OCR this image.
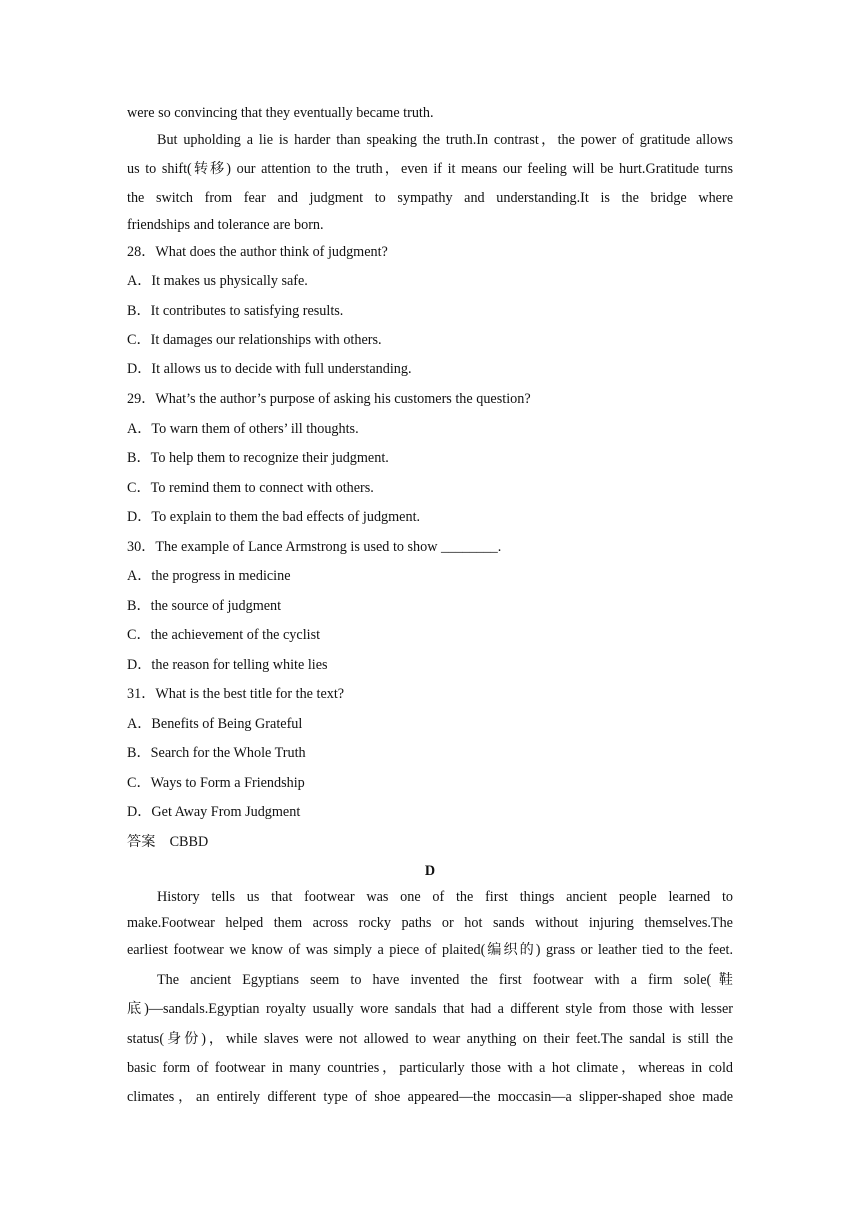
were so convincing that they eventually became truth.
But upholding a lie is harder than speaking the truth.In contrast，the power of gratitude allows
us to shift(转移) our attention to the truth，even if it means our feeling will be hurt.Gratitude turns
the switch from fear and judgment to sympathy and understanding.It is the bridge where
friendships and tolerance are born.
28．What does the author think of judgment?
A．It makes us physically safe.
B．It contributes to satisfying results.
C．It damages our relationships with others.
D．It allows us to decide with full understanding.
29．What’s the author’s purpose of asking his customers the question?
A．To warn them of others’ ill thoughts.
B．To help them to recognize their judgment.
C．To remind them to connect with others.
D．To explain to them the bad effects of judgment.
30．The example of Lance Armstrong is used to show ________.
A．the progress in medicine
B．the source of judgment
C．the achievement of the cyclist
D．the reason for telling white lies
31．What is the best title for the text?
A．Benefits of Being Grateful
B．Search for the Whole Truth
C．Ways to Form a Friendship
D．Get Away From Judgment
答案　CBBD
D
History tells us that footwear was one of the first things ancient people learned to
make.Footwear helped them across rocky paths or hot sands without injuring themselves.The
earliest footwear we know of was simply a piece of plaited(编织的) grass or leather tied to the feet.
The ancient Egyptians seem to have invented the first footwear with a firm sole(鞋
底)—sandals.Egyptian royalty usually wore sandals that had a different style from those with lesser
status(身份)，while slaves were not allowed to wear anything on their feet.The sandal is still the
basic form of footwear in many countries，particularly those with a hot climate，whereas in cold
climates，an entirely different type of shoe appeared—the moccasin—a slipper-shaped shoe made
